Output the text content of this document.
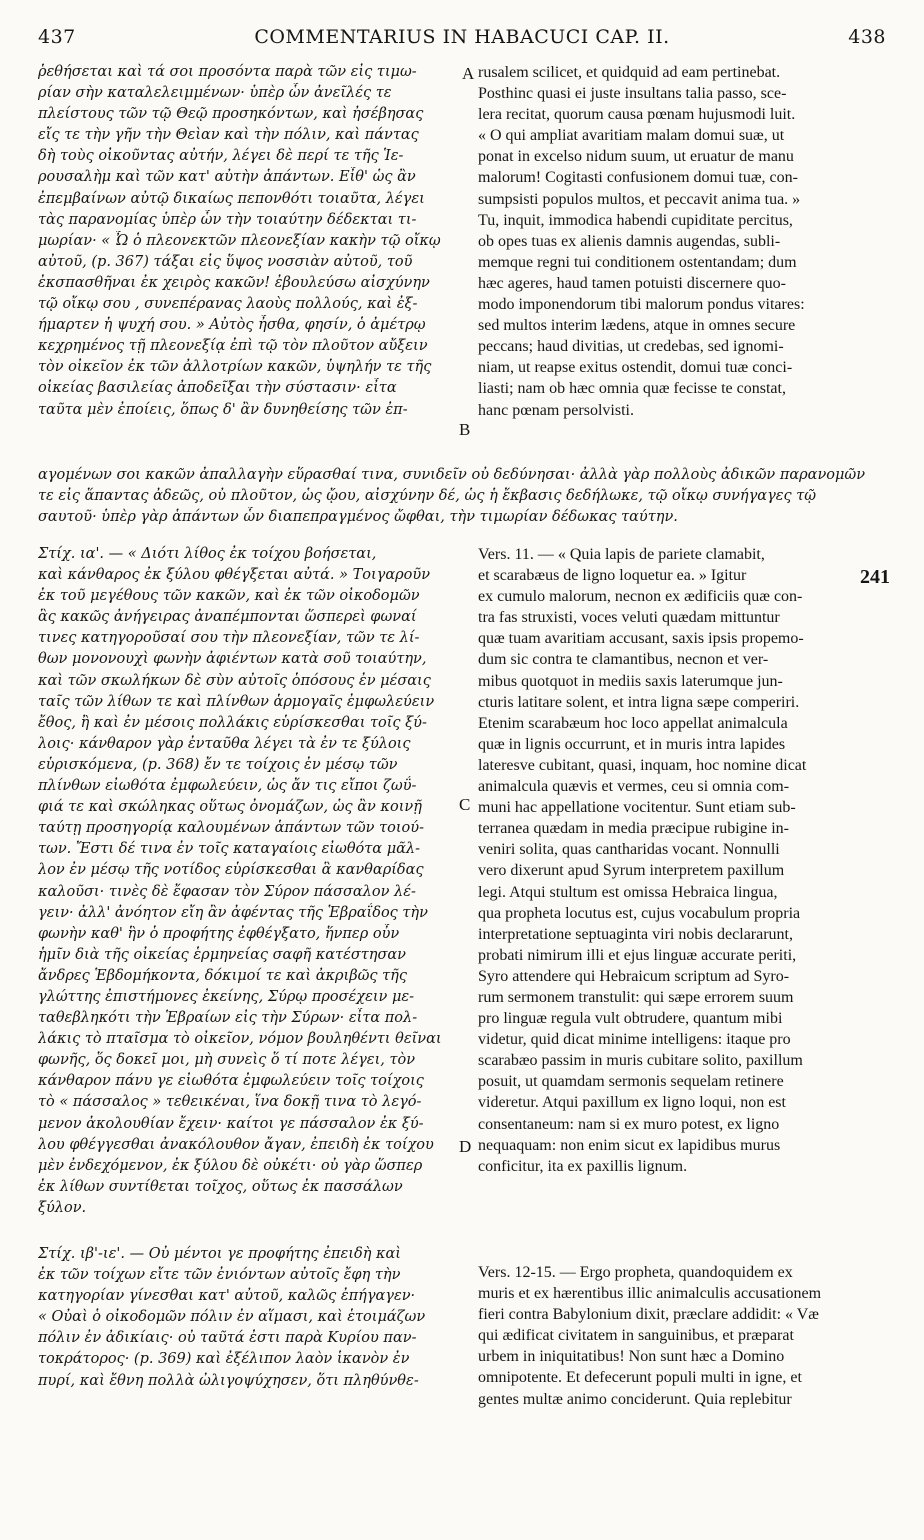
437	COMMENTARIUS IN HABACUCI CAP. II.	438
ῥεθήσεται καὶ τά σοι προσόντα παρὰ τῶν εἰς τιμω-
ρίαν σὴν καταλελειμμένων· ὑπὲρ ὧν ἀνεῖλές τε
πλείστους τῶν τῷ Θεῷ προσηκόντων, καὶ ἠσέβησας
εἴς τε τὴν γῆν τὴν Θεὶαν καὶ τὴν πόλιν, καὶ πάντας
δὴ τοὺς οἰκοῦντας αὐτήν, λέγει δὲ περί τε τῆς Ἱε-
ρουσαλὴμ καὶ τῶν κατ' αὐτὴν ἁπάντων. Εἶθ' ὡς ἂν
ἐπεμβαίνων αὐτῷ δικαίως πεπονθότι τοιαῦτα, λέγει
τὰς παρανομίας ὑπὲρ ὧν τὴν τοιαύτην δέδεκται τι-
μωρίαν· « Ὦ ὁ πλεονεκτῶν πλεονεξίαν κακὴν τῷ οἴκῳ
αὐτοῦ, (p. 367) τάξαι εἰς ὕψος νοσσιὰν αὐτοῦ, τοῦ
ἐκσπασθῆναι ἐκ χειρὸς κακῶν! ἐβουλεύσω αἰσχύνην
τῷ οἴκῳ σου , συνεπέρανας λαοὺς πολλούς, καὶ ἐξ-
ήμαρτεν ἡ ψυχή σου. » Αὐτὸς ἦσθα, φησίν, ὁ ἀμέτρῳ
κεχρημένος τῇ πλεονεξίᾳ ἐπὶ τῷ τὸν πλοῦτον αὔξειν
τὸν οἰκεῖον ἐκ τῶν ἀλλοτρίων κακῶν, ὑψηλήν τε τῆς
οἰκείας βασιλείας ἀποδεῖξαι τὴν σύστασιν· εἶτα
ταῦτα μὲν ἐποίεις, ὅπως δ' ἂν δυνηθείσης τῶν ἐπ-
rusalem scilicet, et quidquid ad eam pertinebat.
Posthinc quasi ei juste insultans talia passo, sce-
lera recitat, quorum causa pœnam hujusmodi luit.
« O qui ampliat avaritiam malam domui suæ, ut
ponat in excelso nidum suum, ut eruatur de manu
malorum! Cogitasti confusionem domui tuæ, con-
sumpsisti populos multos, et peccavit anima tua. »
Tu, inquit, immodica habendi cupiditate percitus,
ob opes tuas ex alienis damnis augendas, subli-
memque regni tui conditionem ostentandam; dum
hæc ageres, haud tamen potuisti discernere quo-
modo imponendorum tibi malorum pondus vitares:
sed multos interim lædens, atque in omnes secure
peccans; haud divitias, ut credebas, sed ignomi-
niam, ut reapse exitus ostendit, domui tuæ conci-
liasti; nam ob hæc omnia quæ fecisse te constat,
hanc pœnam persolvisti.
αγομένων σοι κακῶν ἀπαλλαγὴν εὕρασθαί τινα, συνιδεῖν οὐ δεδύνησαι· ἀλλὰ γὰρ πολλοὺς ἀδικῶν παρανομῶν
τε εἰς ἅπαντας ἀδεῶς, οὐ πλοῦτον, ὡς ᾤου, αἰσχύνην δέ, ὡς ἡ ἔκβασις δεδήλωκε, τῷ οἴκῳ συνήγαγες τῷ
σαυτοῦ· ὑπὲρ γὰρ ἁπάντων ὧν διαπεπραγμένος ὤφθαι, τὴν τιμωρίαν δέδωκας ταύτην.
Στίχ. ια'. — « Διότι λίθος ἐκ τοίχου βοήσεται,
καὶ κάνθαρος ἐκ ξύλου φθέγξεται αὐτά. » Τοιγαροῦν
ἐκ τοῦ μεγέθους τῶν κακῶν, καὶ ἐκ τῶν οἰκοδομῶν
ἃς κακῶς ἀνήγειρας ἀναπέμπονται ὥσπερεὶ φωναί
τινες κατηγοροῦσαί σου τὴν πλεονεξίαν, τῶν τε λί-
θων μονονουχὶ φωνὴν ἀφιέντων κατὰ σοῦ τοιαύτην,
καὶ τῶν σκωλήκων δὲ σὺν αὐτοῖς ὁπόσους ἐν μέσαις
ταῖς τῶν λίθων τε καὶ πλίνθων ἁρμογαῖς ἐμφωλεύειν
ἔθος, ἢ καὶ ἐν μέσοις πολλάκις εὑρίσκεσθαι τοῖς ξύ-
λοις· κάνθαρον γὰρ ἐνταῦθα λέγει τὰ ἐν τε ξύλοις
εὑρισκόμενα, (p. 368) ἔν τε τοίχοις ἐν μέσῳ τῶν
πλίνθων εἰωθότα ἐμφωλεύειν, ὡς ἄν τις εἴποι ζωΰ-
φιά τε καὶ σκώληκας οὕτως ὀνομάζων, ὡς ἂν κοινῇ
ταύτῃ προσηγορίᾳ καλουμένων ἁπάντων τῶν τοιού-
των. Ἔστι δέ τινα ἐν τοῖς καταγαίοις εἰωθότα μᾶλ-
λον ἐν μέσῳ τῆς νοτίδος εὑρίσκεσθαι ἃ κανθαρίδας
καλοῦσι· τινὲς δὲ ἔφασαν τὸν Σύρον πάσσαλον λέ-
γειν· ἀλλ' ἀνόητον εἴη ἂν ἀφέντας τῆς Ἑβραΐδος τὴν
φωνὴν καθ' ἣν ὁ προφήτης ἐφθέγξατο, ἥνπερ οὖν
ἡμῖν διὰ τῆς οἰκείας ἑρμηνείας σαφῆ κατέστησαν
ἄνδρες Ἑβδομήκοντα, δόκιμοί τε καὶ ἀκριβῶς τῆς
γλώττης ἐπιστήμονες ἐκείνης, Σύρῳ προσέχειν με-
ταθεβληκότι τὴν Ἑβραίων εἰς τὴν Σύρων· εἶτα πολ-
λάκις τὸ πταῖσμα τὸ οἰκεῖον, νόμον βουληθέντι θεῖναι
φωνῆς, ὅς δοκεῖ μοι, μὴ συνεὶς ὅ τί ποτε λέγει, τὸν
κάνθαρον πάνυ γε εἰωθότα ἐμφωλεύειν τοῖς τοίχοις
τὸ « πάσσαλος » τεθεικέναι, ἵνα δοκῇ τινα τὸ λεγό-
μενον ἀκολουθίαν ἔχειν· καίτοι γε πάσσαλον ἐκ ξύ-
λου φθέγγεσθαι ἀνακόλουθον ἄγαν, ἐπειδὴ ἐκ τοίχου
μὲν ἐνδεχόμενον, ἐκ ξύλου δὲ οὐκέτι· οὐ γὰρ ὥσπερ
ἐκ λίθων συντίθεται τοῖχος, οὕτως ἐκ πασσάλων
ξύλον.
Vers. 11. — « Quia lapis de pariete clamabit,
et scarabæus de ligno loquetur ea. » Igitur
ex cumulo malorum, necnon ex ædificiis quæ con-
tra fas struxisti, voces veluti quædam mittuntur
quæ tuam avaritiam accusant, saxis ipsis propemo-
dum sic contra te clamantibus, necnon et ver-
mibus quotquot in mediis saxis laterumque jun-
cturis latitare solent, et intra ligna sæpe comperiri.
Etenim scarabæum hoc loco appellat animalcula
quæ in lignis occurrunt, et in muris intra lapides
lateresve cubitant, quasi, inquam, hoc nomine dicat
animalcula quævis et vermes, ceu si omnia com-
muni hac appellatione vocitentur. Sunt etiam sub-
terranea quædam in media præcipue rubigine in-
veniri solita, quas cantharidas vocant. Nonnulli
vero dixerunt apud Syrum interpretem paxillum
legi. Atqui stultum est omissa Hebraica lingua,
qua propheta locutus est, cujus vocabulum propria
interpretatione septuaginta viri nobis declararunt,
probati nimirum illi et ejus linguæ accurate periti,
Syro attendere qui Hebraicum scriptum ad Syro-
rum sermonem transtulit: qui sæpe errorem suum
pro linguæ regula vult obtrudere, quantum mibi
videtur, quid dicat minime intelligens: itaque pro
scarabæo passim in muris cubitare solito, paxillum
posuit, ut quamdam sermonis sequelam retinere
videretur. Atqui paxillum ex ligno loqui, non est
consentaneum: nam si ex muro potest, ex ligno
nequaquam: non enim sicut ex lapidibus murus
conficitur, ita ex paxillis lignum.
Στίχ. ιβ'-ιε'. — Οὐ μέντοι γε προφήτης ἐπειδὴ καὶ
ἐκ τῶν τοίχων εἴτε τῶν ἐνιόντων αὐτοῖς ἔφη τὴν
κατηγορίαν γίνεσθαι κατ' αὐτοῦ, καλῶς ἐπήγαγεν·
« Οὐαὶ ὁ οἰκοδομῶν πόλιν ἐν αἵμασι, καὶ ἑτοιμάζων
πόλιν ἐν ἀδικίαις· οὐ ταῦτά ἐστι παρὰ Κυρίου παν-
τοκράτορος· (p. 369) καὶ ἐξέλιπον λαὸν ἱκανὸν ἐν
πυρί, καὶ ἔθνη πολλὰ ὠλιγοψύχησεν, ὅτι πληθύνθε-
Vers. 12-15. — Ergo propheta, quandoquidem ex
muris et ex hærentibus illic animalculis accusationem
fieri contra Babylonium dixit, præclare addidit: « Væ
qui ædificat civitatem in sanguinibus, et præparat
urbem in iniquitatibus! Non sunt hæc a Domino
omnipotente. Et defecerunt populi multi in igne, et
gentes multæ animo conciderunt. Quia replebitur
A
B
C
D
241
